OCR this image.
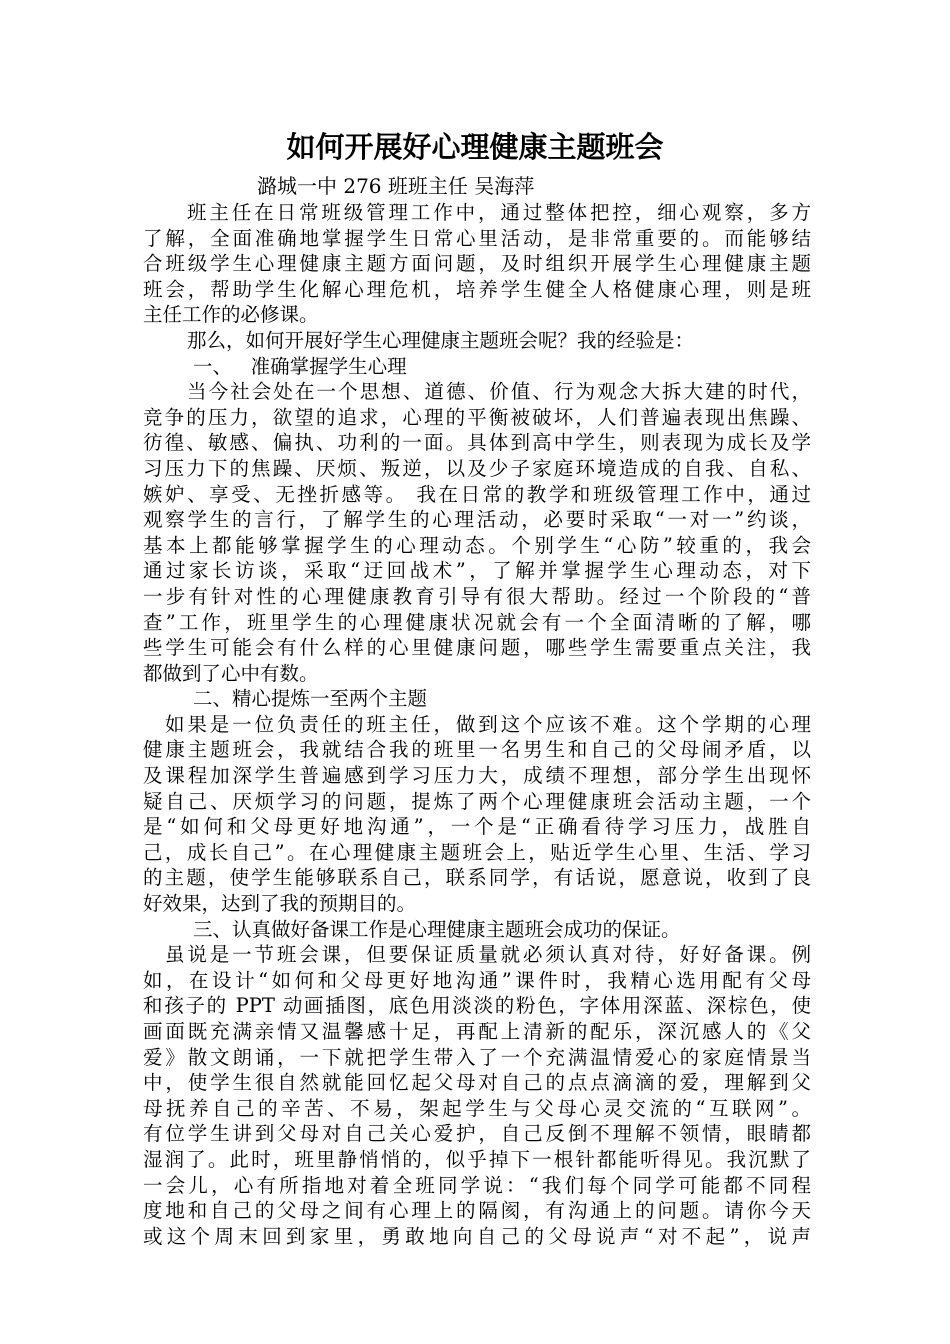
如何开展好心理健康主题班会
潞城一中 276 班班主任 吴海萍
班主任在日常班级管理工作中，通过整体把控，细心观察，多方
了解，全面准确地掌握学生日常心里活动，是非常重要的。而能够结
合班级学生心理健康主题方面问题，及时组织开展学生心理健康主题
班会，帮助学生化解心理危机，培养学生健全人格健康心理，则是班
主任工作的必修课。
那么，如何开展好学生心理健康主题班会呢？我的经验是：
一、   准确掌握学生心理
当今社会处在一个思想、道德、价值、行为观念大拆大建的时代，
竞争的压力，欲望的追求，心理的平衡被破坏，人们普遍表现出焦躁、
彷徨、敏感、偏执、功利的一面。具体到高中学生，则表现为成长及学
习压力下的焦躁、厌烦、叛逆，以及少子家庭环境造成的自我、自私、
嫉妒、享受、无挫折感等。 我在日常的教学和班级管理工作中，通过
观察学生的言行，了解学生的心理活动，必要时采取“一对一”约谈，
基本上都能够掌握学生的心理动态。个别学生“心防”较重的，我会
通过家长访谈，采取“迂回战术”，了解并掌握学生心理动态，对下
一步有针对性的心理健康教育引导有很大帮助。经过一个阶段的“普
查”工作，班里学生的心理健康状况就会有一个全面清晰的了解，哪
些学生可能会有什么样的心里健康问题，哪些学生需要重点关注，我
都做到了心中有数。
二、精心提炼一至两个主题
如果是一位负责任的班主任，做到这个应该不难。这个学期的心理
健康主题班会，我就结合我的班里一名男生和自己的父母闹矛盾，以
及课程加深学生普遍感到学习压力大，成绩不理想，部分学生出现怀
疑自己、厌烦学习的问题，提炼了两个心理健康班会活动主题，一个
是“如何和父母更好地沟通”，一个是“正确看待学习压力，战胜自
己，成长自己”。在心理健康主题班会上，贴近学生心里、生活、学习
的主题，使学生能够联系自己，联系同学，有话说，愿意说，收到了良
好效果，达到了我的预期目的。
三、认真做好备课工作是心理健康主题班会成功的保证。
虽说是一节班会课，但要保证质量就必须认真对待，好好备课。例
如，在设计“如何和父母更好地沟通”课件时，我精心选用配有父母
和孩子的 PPT 动画插图，底色用淡淡的粉色，字体用深蓝、深棕色，使
画面既充满亲情又温馨感十足，再配上清新的配乐，深沉感人的《父
爱》散文朗诵，一下就把学生带入了一个充满温情爱心的家庭情景当
中，使学生很自然就能回忆起父母对自己的点点滴滴的爱，理解到父
母抚养自己的辛苦、不易，架起学生与父母心灵交流的“互联网”。
有位学生讲到父母对自己关心爱护，自己反倒不理解不领情，眼睛都
湿润了。此时，班里静悄悄的，似乎掉下一根针都能听得见。我沉默了
一会儿，心有所指地对着全班同学说：“我们每个同学可能都不同程
度地和自己的父母之间有心理上的隔阂，有沟通上的问题。请你今天
或这个周末回到家里，勇敢地向自己的父母说声“对不起”，说声
